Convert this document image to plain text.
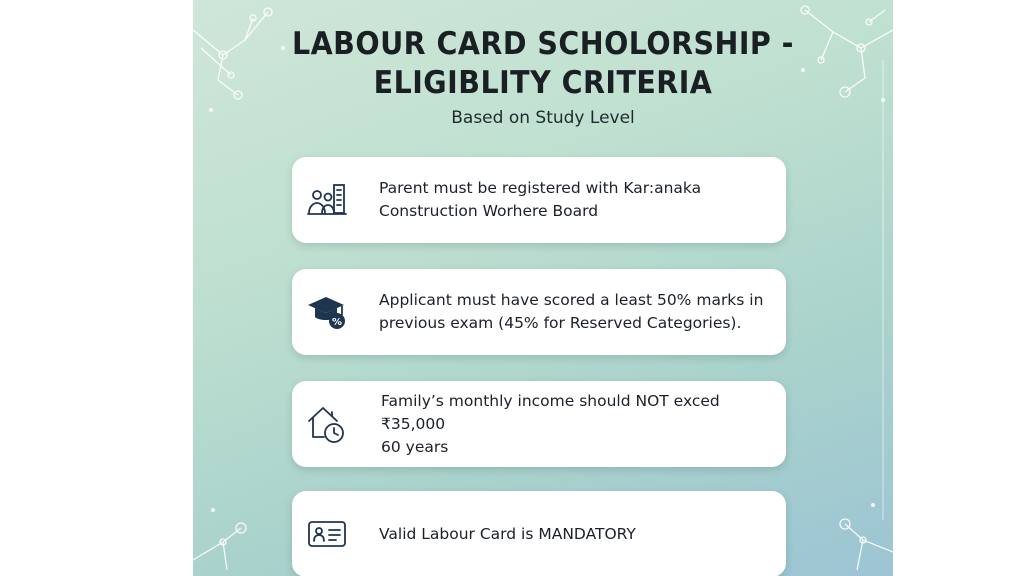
LABOUR CARD SCHOLORSHIP -
ELIGIBLITY CRITERIA
Based on Study Level
Parent must be registered with Kar:anaka
Construction Worhere Board
%
Applicant must have scored a least 50% marks in
previous exam (45% for Reserved Categories).
Family’s monthly income should NOT exced ₹35,000
60 years
Valid Labour Card is MANDATORY
